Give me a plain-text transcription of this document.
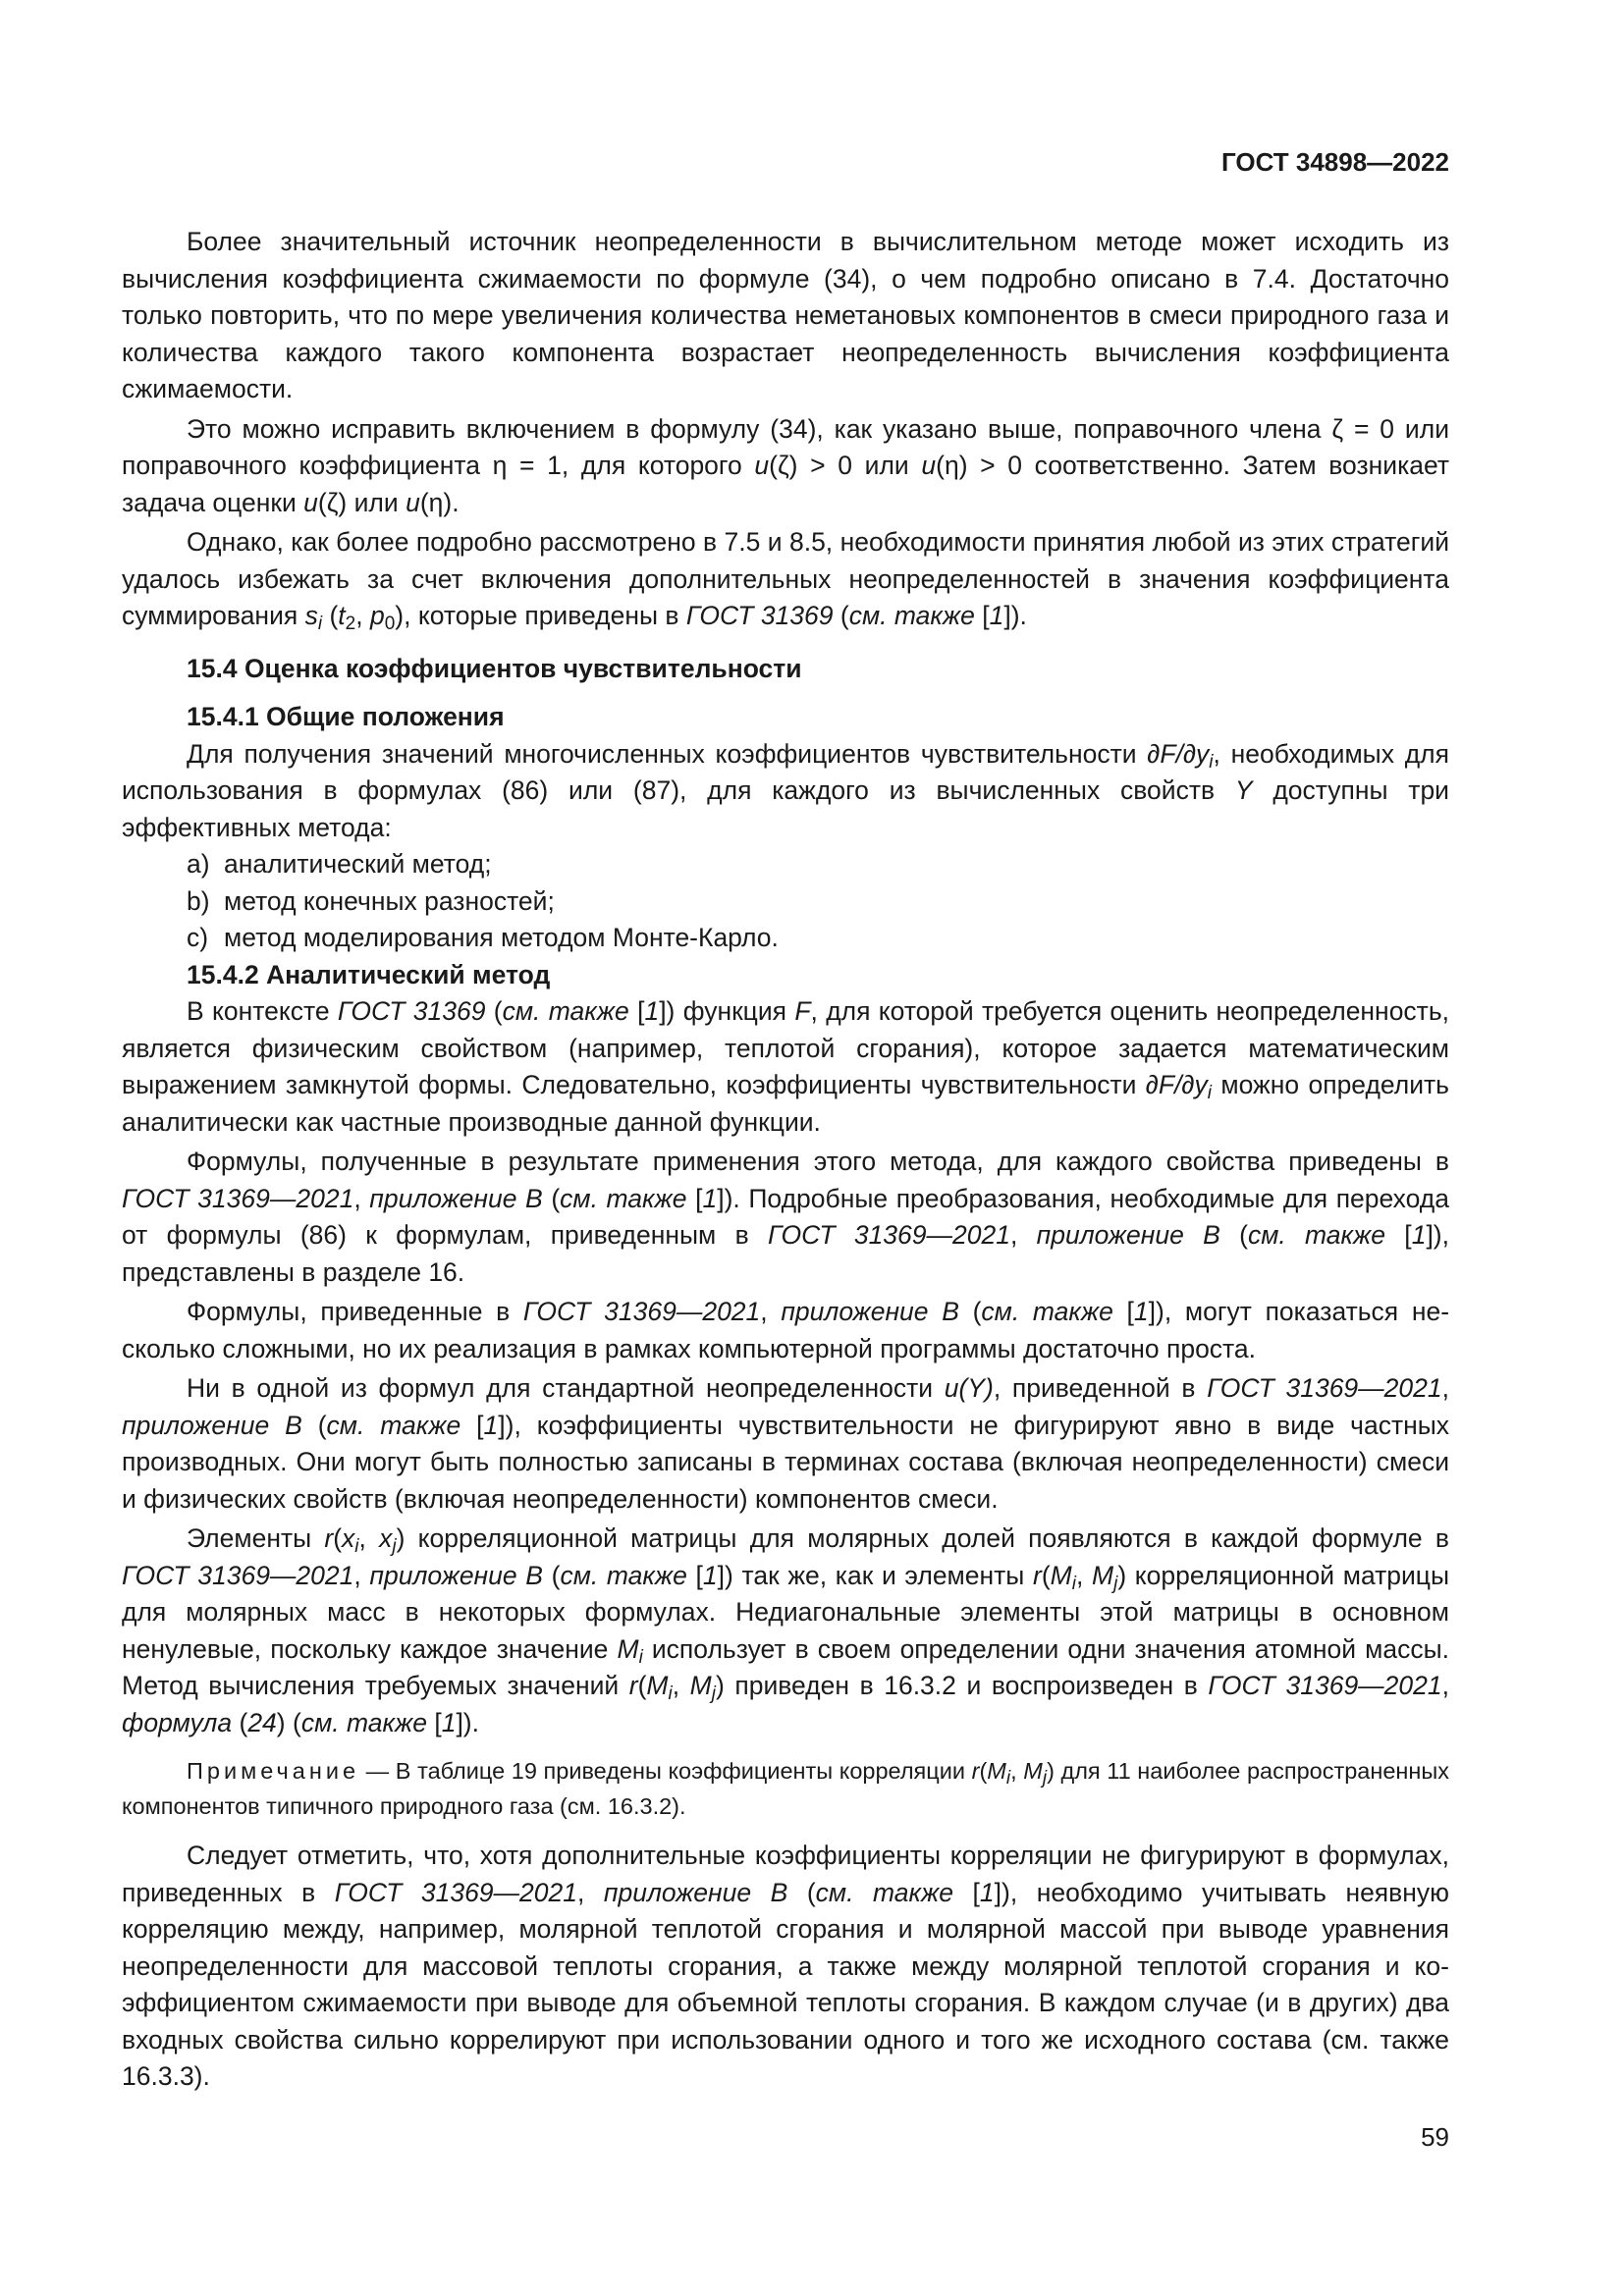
ГОСТ 34898—2022

Более значительный источник неопределенности в вычислительном методе может исходить из вычисления коэффициента сжимаемости по формуле (34), о чем подробно описано в 7.4. Достаточно только повторить, что по мере увеличения количества неметановых компонентов в смеси природного газа и количества каждого такого компонента возрастает неопределенность вычисления коэффициента сжимаемости.

Это можно исправить включением в формулу (34), как указано выше, поправочного члена ζ = 0 или поправочного коэффициента η = 1, для которого u(ζ) > 0 или u(η) > 0 соответственно. Затем возникает задача оценки u(ζ) или u(η).

Однако, как более подробно рассмотрено в 7.5 и 8.5, необходимости принятия любой из этих стратегий удалось избежать за счет включения дополнительных неопределенностей в значения коэффициента суммирования $s_i$ ($t_2$, $p_0$), которые приведены в ГОСТ 31369 (см. также [1]).

15.4 Оценка коэффициентов чувствительности
15.4.1 Общие положения

Для получения значений многочисленных коэффициентов чувствительности $\partial F/\partial y_i$, необходимых для использования в формулах (86) или (87), для каждого из вычисленных свойств Y доступны три эффективных метода:

a) аналитический метод;
b) метод конечных разностей;
c) метод моделирования методом Монте-Карло.
15.4.2 Аналитический метод

В контексте ГОСТ 31369 (см. также [1]) функция F, для которой требуется оценить неопределенность, является физическим свойством (например, теплотой сгорания), которое задается математическим выражением замкнутой формы. Следовательно, коэффициенты чувствительности $\partial F/\partial y_i$ можно определить аналитически как частные производные данной функции.

Формулы, полученные в результате применения этого метода, для каждого свойства приведены в ГОСТ 31369—2021, приложение B (см. также [1]). Подробные преобразования, необходимые для перехода от формулы (86) к формулам, приведенным в ГОСТ 31369—2021, приложение B (см. также [1]), представлены в разделе 16.

Формулы, приведенные в ГОСТ 31369—2021, приложение B (см. также [1]), могут показаться несколько сложными, но их реализация в рамках компьютерной программы достаточно проста.

Ни в одной из формул для стандартной неопределенности u(Y), приведенной в ГОСТ 31369—2021, приложение B (см. также [1]), коэффициенты чувствительности не фигурируют явно в виде частных производных. Они могут быть полностью записаны в терминах состава (включая неопределенности) смеси и физических свойств (включая неопределенности) компонентов смеси.

Элементы $r(x_i$, $x_j$) корреляционной матрицы для молярных долей появляются в каждой формуле в ГОСТ 31369—2021, приложение B (см. также [1]) так же, как и элементы $r(M_i$, $M_j$) корреляционной матрицы для молярных масс в некоторых формулах. Недиагональные элементы этой матрицы в основном ненулевые, поскольку каждое значение $M_i$ использует в своем определении одни значения атомной массы. Метод вычисления требуемых значений $r(M_i$, $M_j$) приведен в 16.3.2 и воспроизведен в ГОСТ 31369—2021, формула (24) (см. также [1]).

Примечание — В таблице 19 приведены коэффициенты корреляции $r(M_i$, $M_j$) для 11 наиболее распространенных компонентов типичного природного газа (см. 16.3.2).

Следует отметить, что, хотя дополнительные коэффициенты корреляции не фигурируют в формулах, приведенных в ГОСТ 31369—2021, приложение B (см. также [1]), необходимо учитывать неявную корреляцию между, например, молярной теплотой сгорания и молярной массой при выводе уравнения неопределенности для массовой теплоты сгорания, а также между молярной теплотой сгорания и коэффициентом сжимаемости при выводе для объемной теплоты сгорания. В каждом случае (и в других) два входных свойства сильно коррелируют при использовании одного и того же исходного состава (см. также 16.3.3).

59
